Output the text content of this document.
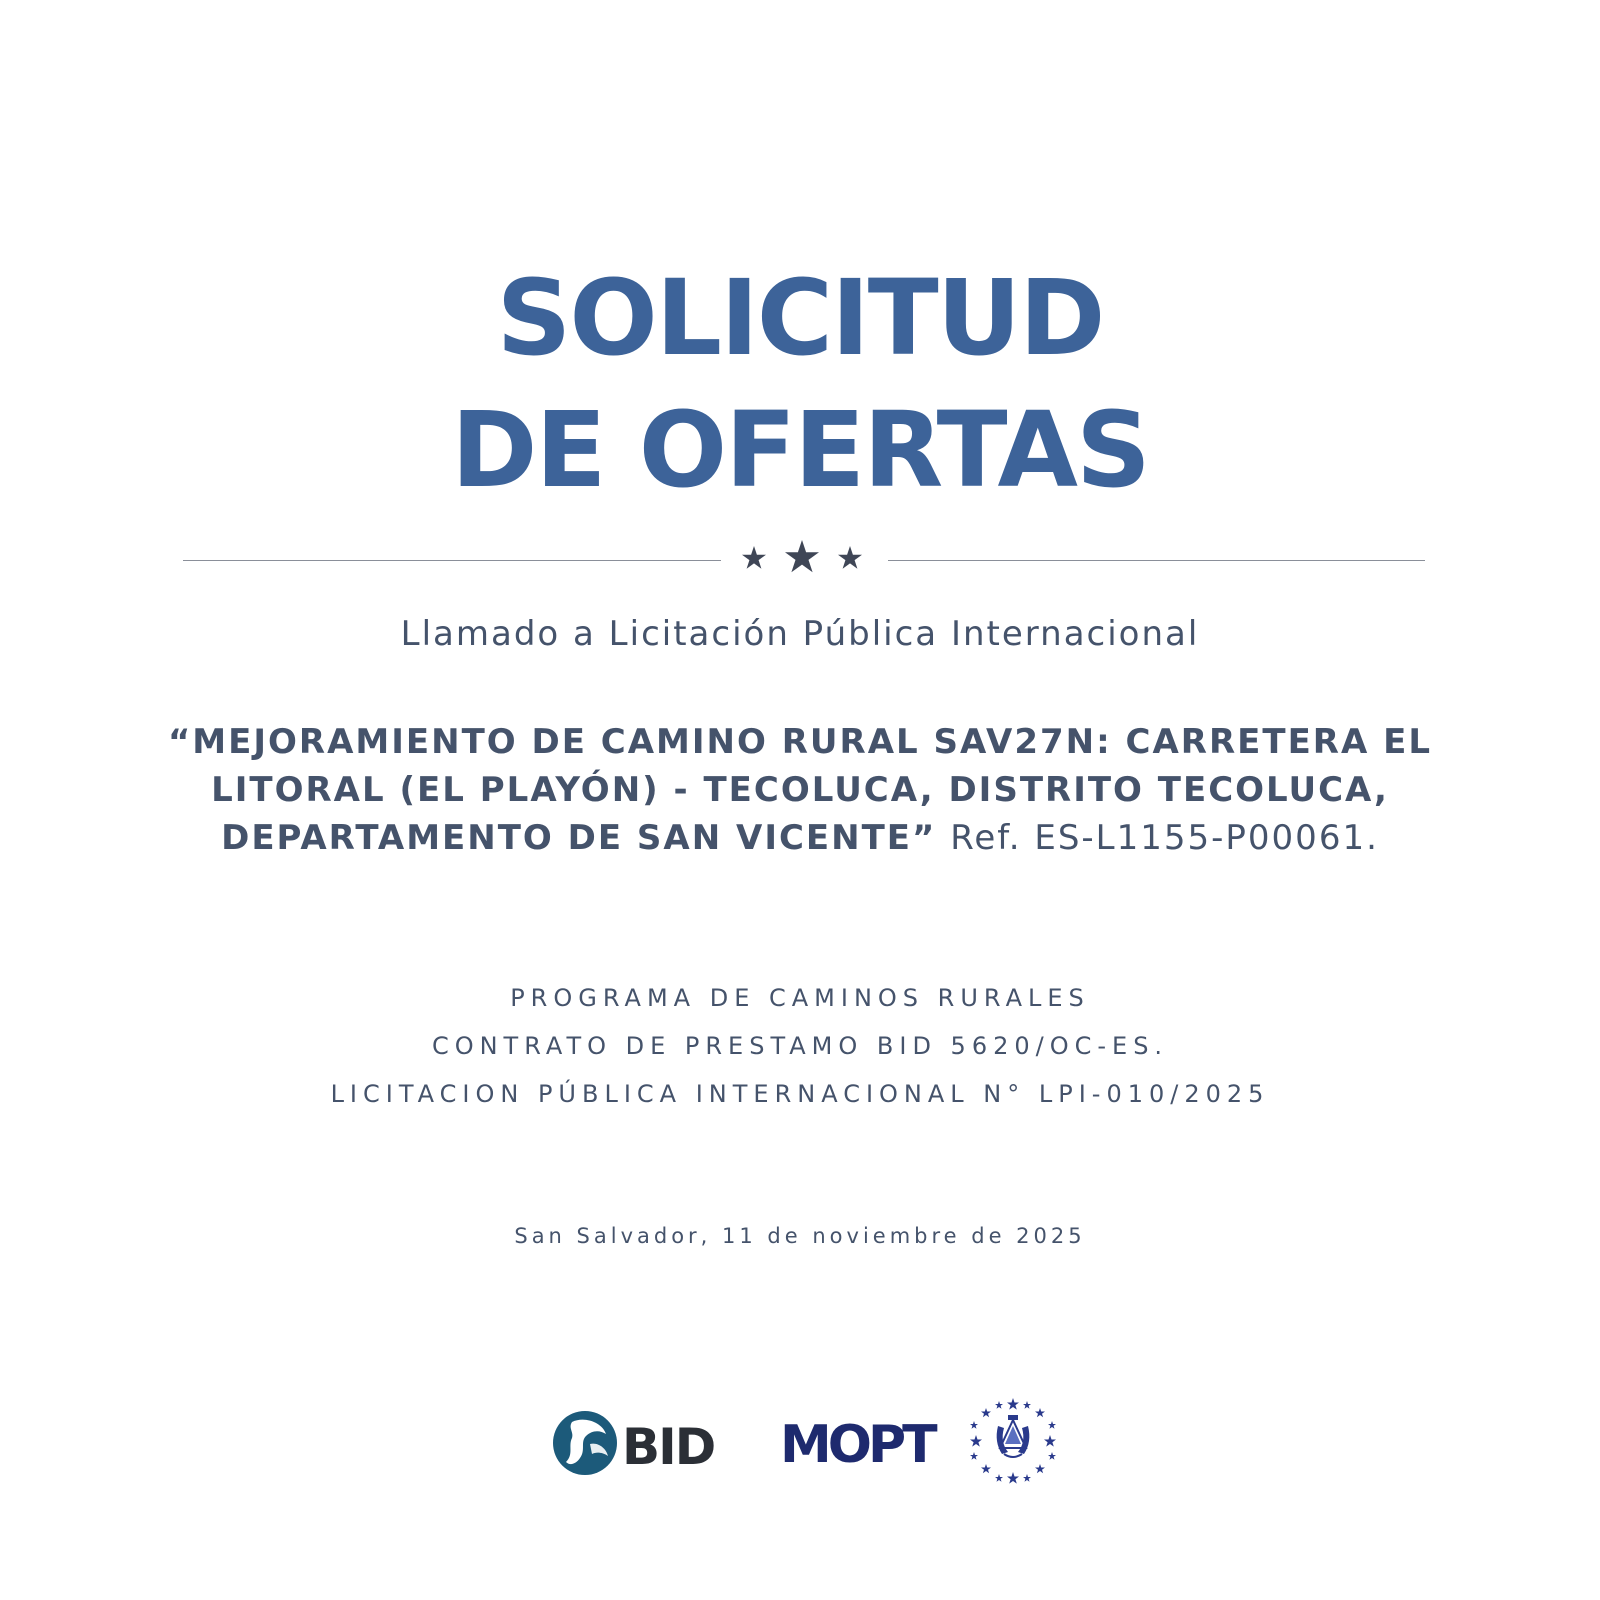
SOLICITUD
DE OFERTAS
Llamado a Licitación Pública Internacional
“MEJORAMIENTO DE CAMINO RURAL SAV27N: CARRETERA EL
LITORAL (EL PLAYÓN) - TECOLUCA, DISTRITO TECOLUCA,
DEPARTAMENTO DE SAN VICENTE” Ref. ES-L1155-P00061.
PROGRAMA DE CAMINOS RURALES
CONTRATO DE PRESTAMO BID 5620/OC-ES.
LICITACION PÚBLICA INTERNACIONAL N° LPI-010/2025
San Salvador, 11 de noviembre de 2025
BID MOPT
